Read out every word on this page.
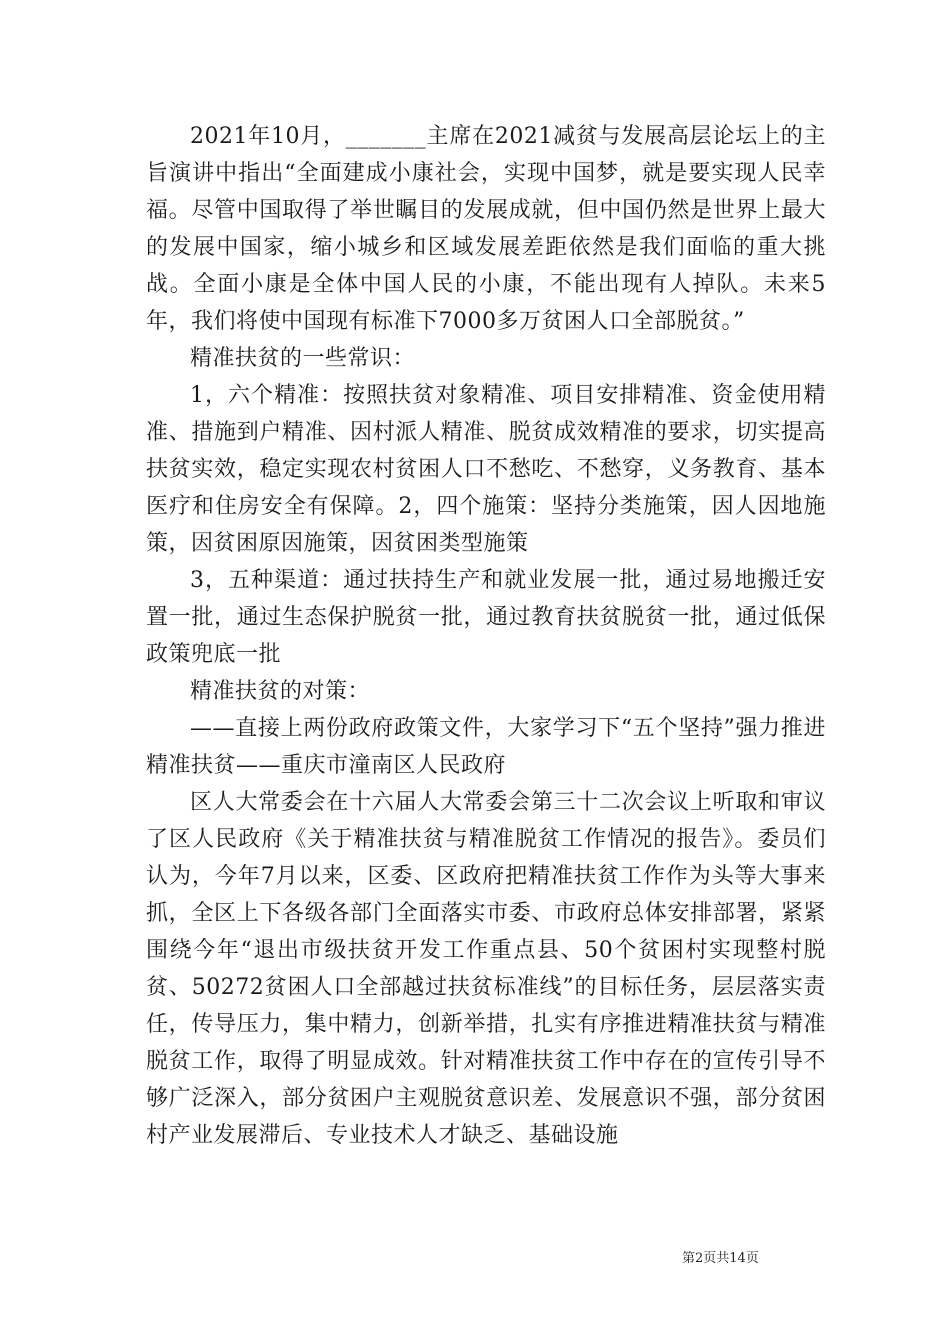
2021年10月，_______主席在2021减贫与发展高层论坛上的主旨演讲中指出“全面建成小康社会，实现中国梦，就是要实现人民幸福。尽管中国取得了举世瞩目的发展成就，但中国仍然是世界上最大的发展中国家，缩小城乡和区域发展差距依然是我们面临的重大挑战。全面小康是全体中国人民的小康，不能出现有人掉队。未来5年，我们将使中国现有标准下7000多万贫困人口全部脱贫。”

精准扶贫的一些常识：

1，六个精准：按照扶贫对象精准、项目安排精准、资金使用精准、措施到户精准、因村派人精准、脱贫成效精准的要求，切实提高扶贫实效，稳定实现农村贫困人口不愁吃、不愁穿，义务教育、基本医疗和住房安全有保障。2，四个施策：坚持分类施策，因人因地施策，因贫困原因施策，因贫困类型施策

3，五种渠道：通过扶持生产和就业发展一批，通过易地搬迁安置一批，通过生态保护脱贫一批，通过教育扶贫脱贫一批，通过低保政策兜底一批

精准扶贫的对策：

——直接上两份政府政策文件，大家学习下“五个坚持”强力推进精准扶贫——重庆市潼南区人民政府

区人大常委会在十六届人大常委会第三十二次会议上听取和审议了区人民政府《关于精准扶贫与精准脱贫工作情况的报告》。委员们认为，今年7月以来，区委、区政府把精准扶贫工作作为头等大事来抓，全区上下各级各部门全面落实市委、市政府总体安排部署，紧紧围绕今年“退出市级扶贫开发工作重点县、50个贫困村实现整村脱贫、50272贫困人口全部越过扶贫标准线”的目标任务，层层落实责任，传导压力，集中精力，创新举措，扎实有序推进精准扶贫与精准脱贫工作，取得了明显成效。针对精准扶贫工作中存在的宣传引导不够广泛深入，部分贫困户主观脱贫意识差、发展意识不强，部分贫困村产业发展滞后、专业技术人才缺乏、基础设施

第2页共14页
